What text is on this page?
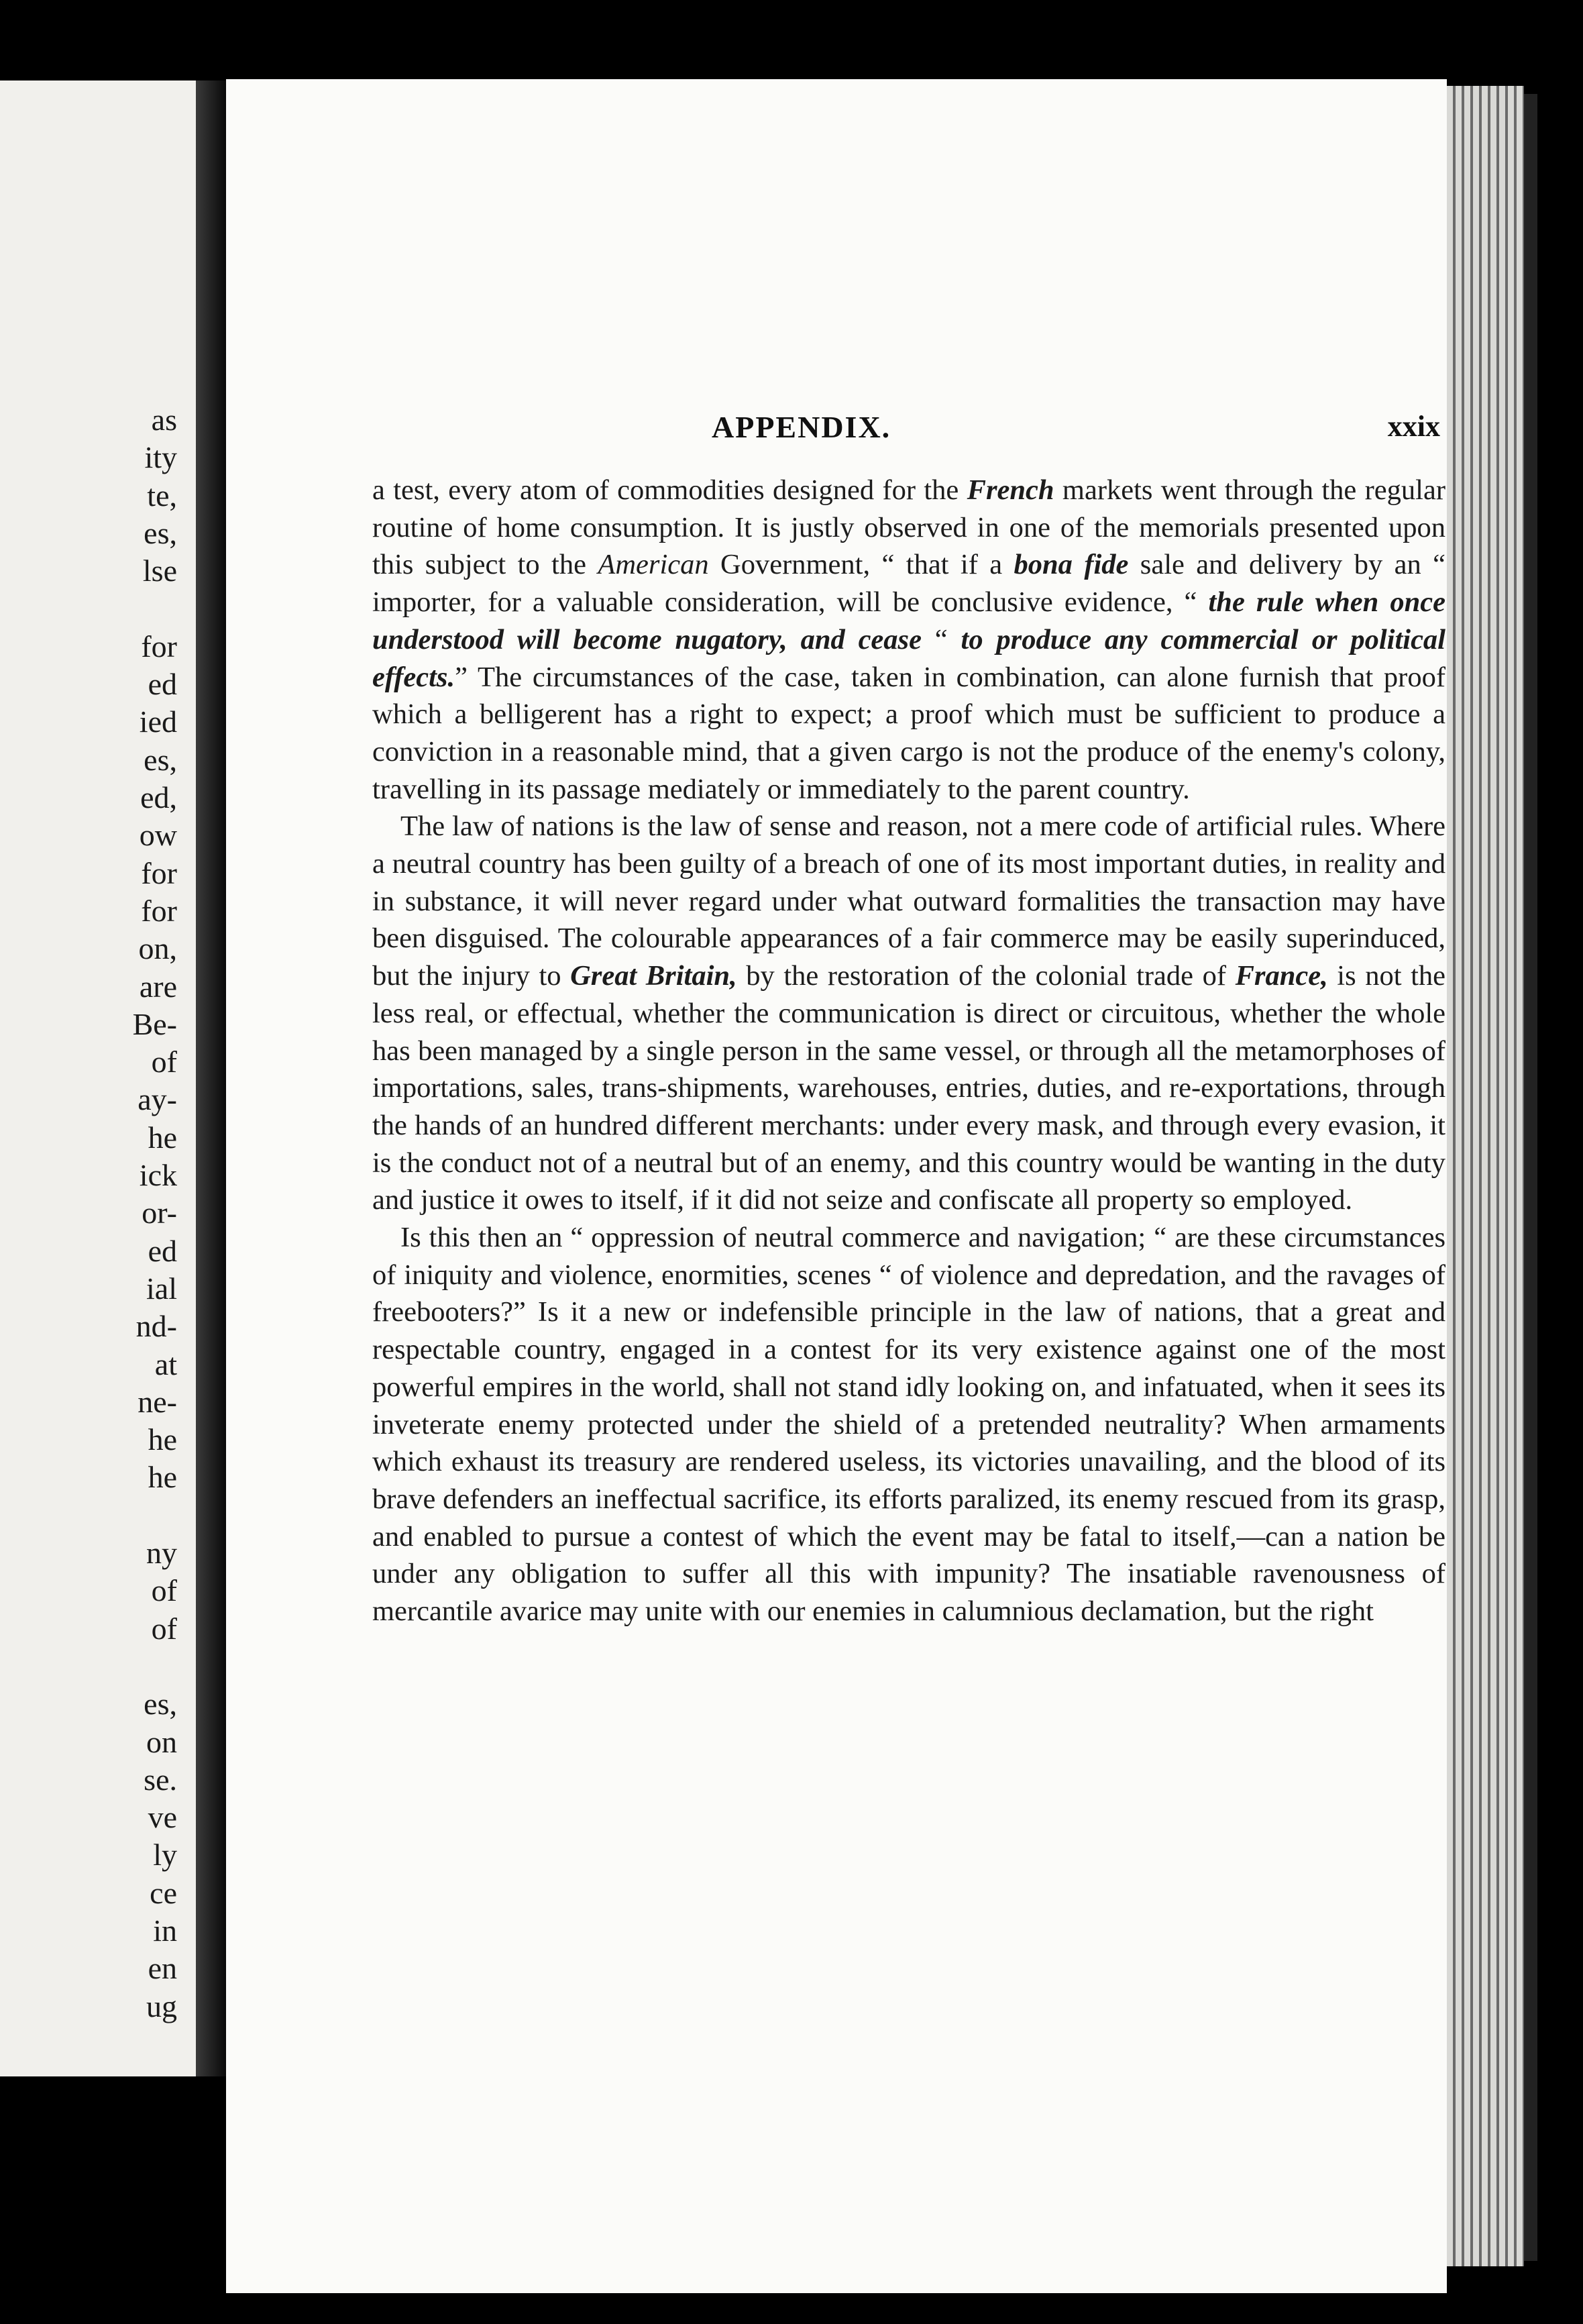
as

ity

te,

es,

lse

for

ed

ied

es,

ed,

ow

for

for

on,

are

Be-

of

ay-

he

ick

or-

ed

ial

nd-

at

ne-

he

he

ny

of

of

es,

on

se.

ve

ly

ce

in

en

ug

APPENDIX.	xxix

a test, every atom of commodities designed for the French markets went through the regular routine of home consumption. It is justly observed in one of the memorials presented upon this subject to the American Government, “ that if a bona fide sale and delivery by an “ importer, for a valuable consideration, will be conclusive evidence, “ the rule when once understood will become nugatory, and cease “ to produce any commercial or political effects.” The circumstances of the case, taken in combination, can alone furnish that proof which a belligerent has a right to expect; a proof which must be sufficient to produce a conviction in a reasonable mind, that a given cargo is not the produce of the enemy's colony, travelling in its passage mediately or immediately to the parent country.

The law of nations is the law of sense and reason, not a mere code of artificial rules. Where a neutral country has been guilty of a breach of one of its most important duties, in reality and in substance, it will never regard under what outward formalities the transaction may have been disguised. The colourable appearances of a fair commerce may be easily superinduced, but the injury to Great Britain, by the restoration of the colonial trade of France, is not the less real, or effectual, whether the communication is direct or circuitous, whether the whole has been managed by a single person in the same vessel, or through all the metamorphoses of importations, sales, trans-shipments, warehouses, entries, duties, and re-exportations, through the hands of an hundred different merchants: under every mask, and through every evasion, it is the conduct not of a neutral but of an enemy, and this country would be wanting in the duty and justice it owes to itself, if it did not seize and confiscate all property so employed.

Is this then an “ oppression of neutral commerce and navigation; “ are these circumstances of iniquity and violence, enormities, scenes “ of violence and depredation, and the ravages of freebooters?” Is it a new or indefensible principle in the law of nations, that a great and respectable country, engaged in a contest for its very existence against one of the most powerful empires in the world, shall not stand idly looking on, and infatuated, when it sees its inveterate enemy protected under the shield of a pretended neutrality? When armaments which exhaust its treasury are rendered useless, its victories unavailing, and the blood of its brave defenders an ineffectual sacrifice, its efforts paralized, its enemy rescued from its grasp, and enabled to pursue a contest of which the event may be fatal to itself,—can a nation be under any obligation to suffer all this with impunity? The insatiable ravenousness of mercantile avarice may unite with our enemies in calumnious declamation, but the right
